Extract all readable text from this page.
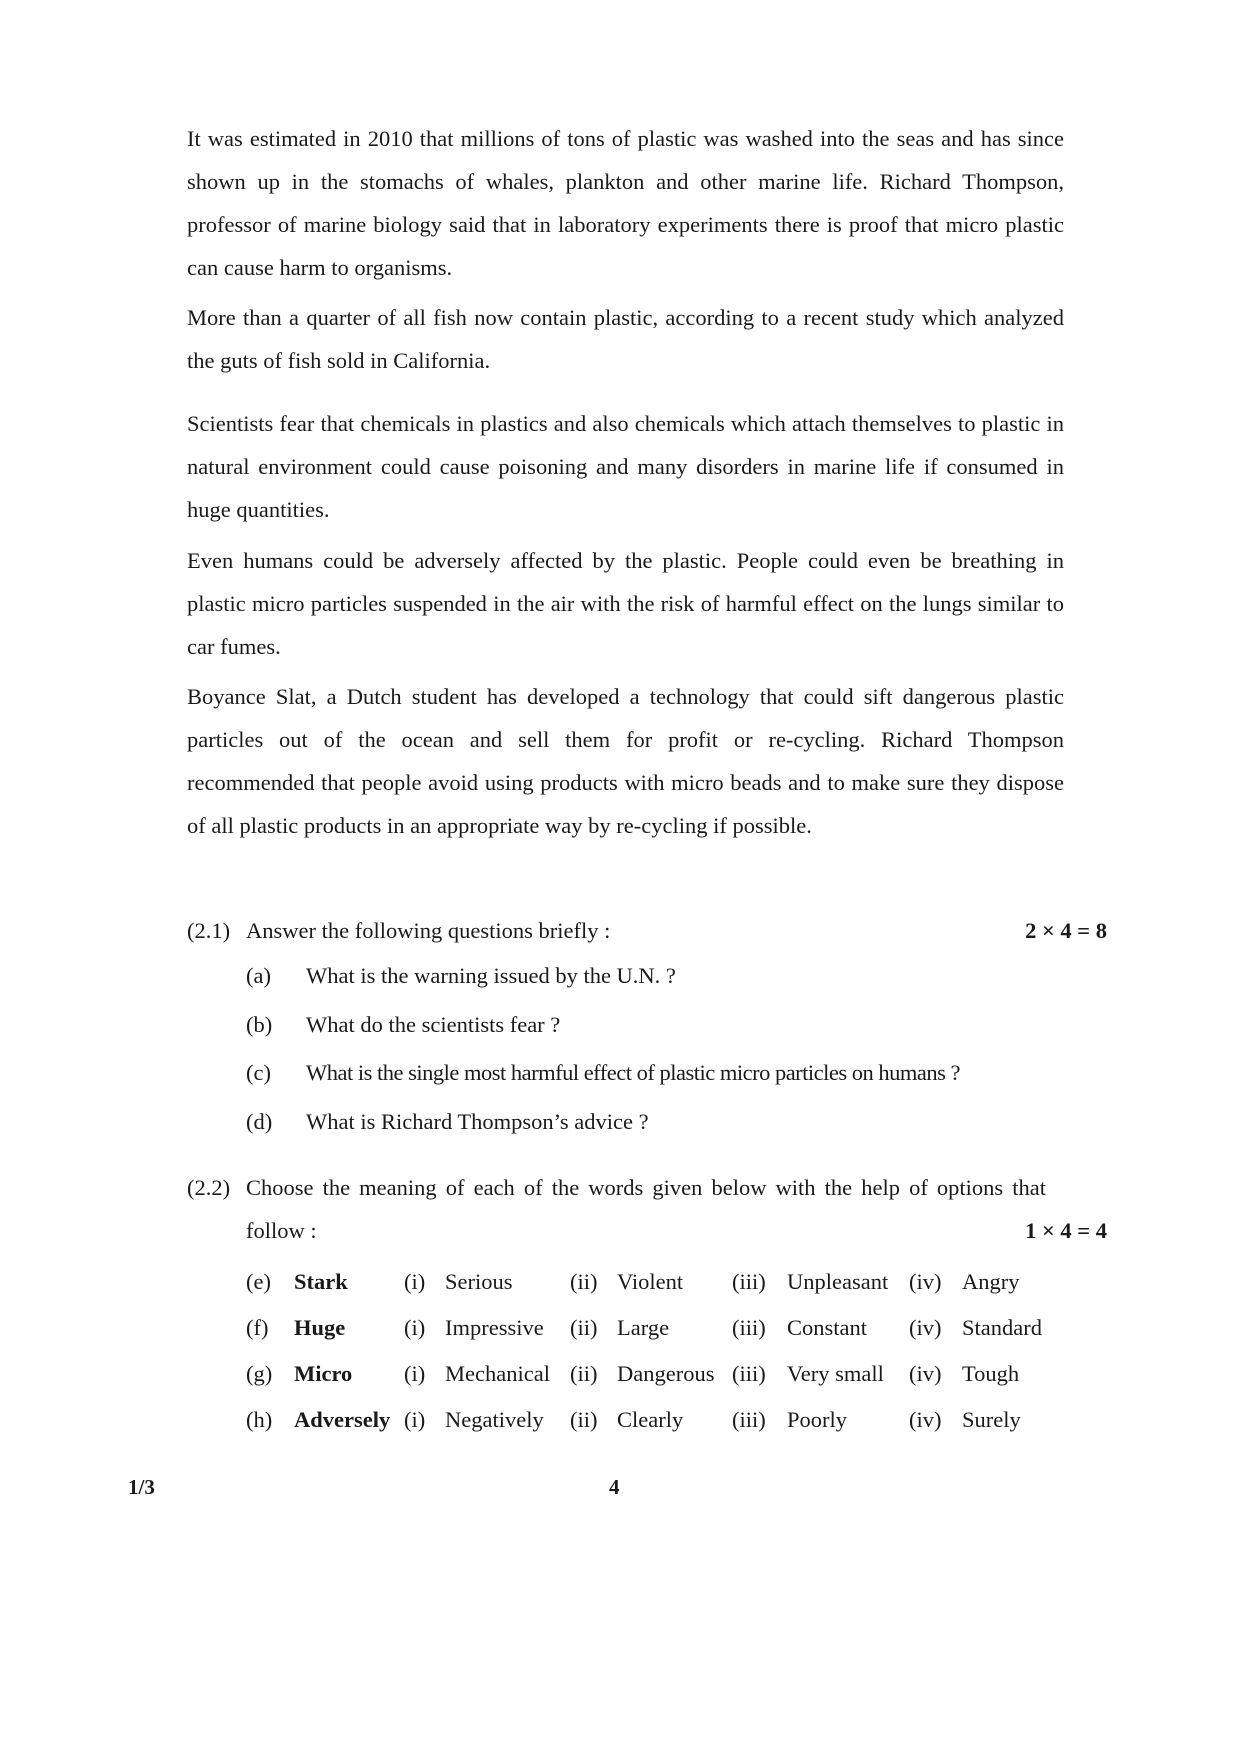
It was estimated in 2010 that millions of tons of plastic was washed into the seas and has since shown up in the stomachs of whales, plankton and other marine life. Richard Thompson, professor of marine biology said that in laboratory experiments there is proof that micro plastic can cause harm to organisms.

More than a quarter of all fish now contain plastic, according to a recent study which analyzed the guts of fish sold in California.

Scientists fear that chemicals in plastics and also chemicals which attach themselves to plastic in natural environment could cause poisoning and many disorders in marine life if consumed in huge quantities.

Even humans could be adversely affected by the plastic. People could even be breathing in plastic micro particles suspended in the air with the risk of harmful effect on the lungs similar to car fumes.

Boyance Slat, a Dutch student has developed a technology that could sift dangerous plastic particles out of the ocean and sell them for profit or re-cycling. Richard Thompson recommended that people avoid using products with micro beads and to make sure they dispose of all plastic products in an appropriate way by re-cycling if possible.

(2.1) Answer the following questions briefly :	2 × 4 = 8
(a) What is the warning issued by the U.N. ?
(b) What do the scientists fear ?
(c) What is the single most harmful effect of plastic micro particles on humans ?
(d) What is Richard Thompson’s advice ?
(2.2) Choose the meaning of each of the words given below with the help of options that follow :	1 × 4 = 4
(e) Stark (i) Serious	(ii) Violent (iii) Unpleasant (iv) Angry
(f) Huge	(i) Impressive (ii) Large	(iii) Constant (iv) Standard
(g) Micro (i) Mechanical (ii) Dangerous (iii) Very small (iv) Tough
(h) Adversely (i) Negatively (ii) Clearly (iii) Poorly	(iv) Surely
1/3	4
